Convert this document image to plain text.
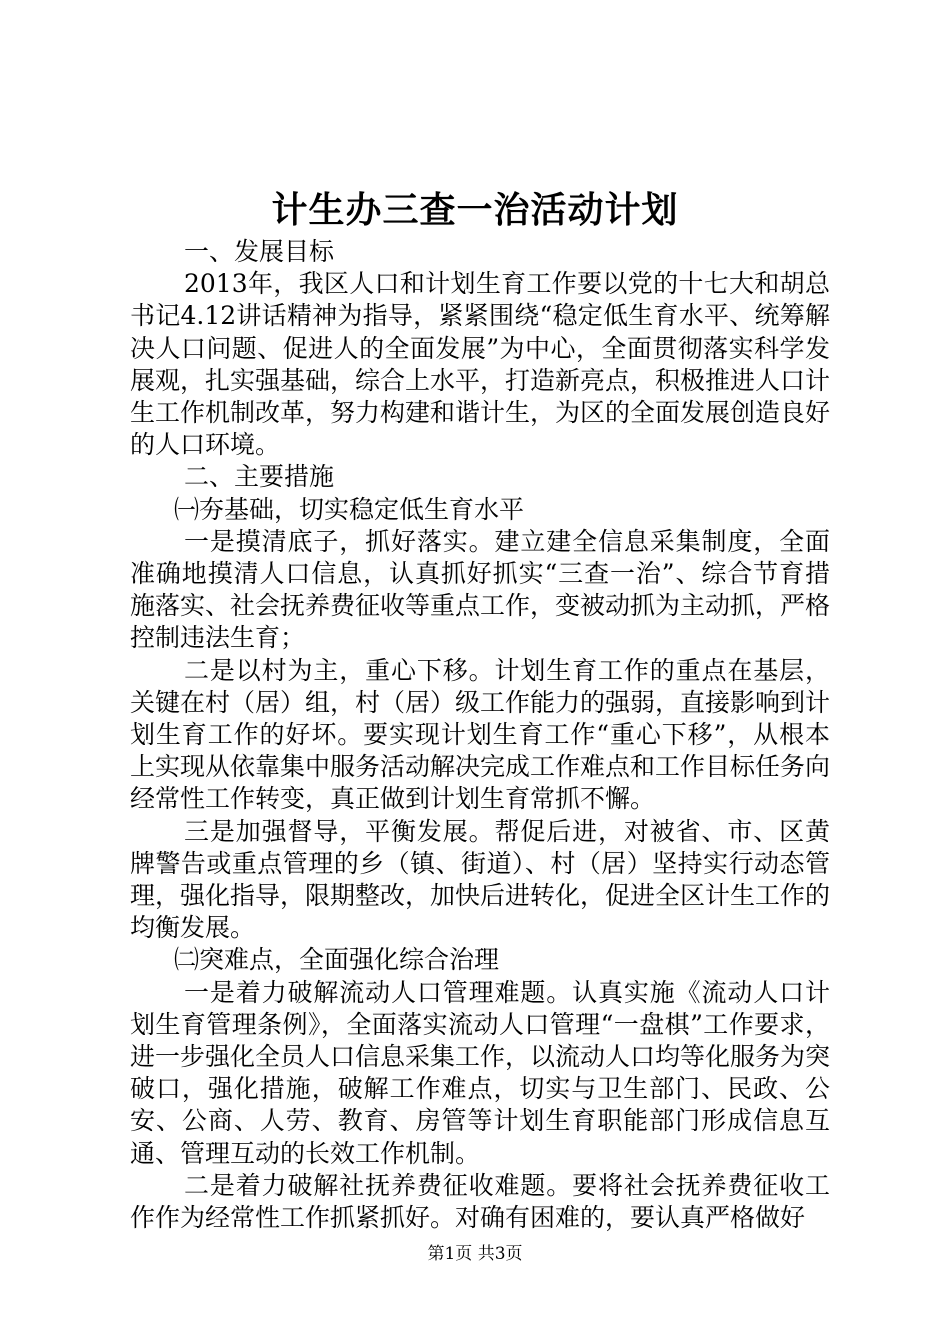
计生办三查一治活动计划

一、发展目标

2013年，我区人口和计划生育工作要以党的十七大和胡总书记4.12讲话精神为指导，紧紧围绕“稳定低生育水平、统筹解决人口问题、促进人的全面发展”为中心，全面贯彻落实科学发展观，扎实强基础，综合上水平，打造新亮点，积极推进人口计生工作机制改革，努力构建和谐计生，为区的全面发展创造良好的人口环境。

二、主要措施

㈠夯基础，切实稳定低生育水平

一是摸清底子，抓好落实。建立建全信息采集制度，全面准确地摸清人口信息，认真抓好抓实“三查一治”、综合节育措施落实、社会抚养费征收等重点工作，变被动抓为主动抓，严格控制违法生育；

二是以村为主，重心下移。计划生育工作的重点在基层，关键在村（居）组，村（居）级工作能力的强弱，直接影响到计划生育工作的好坏。要实现计划生育工作“重心下移”，从根本上实现从依靠集中服务活动解决完成工作难点和工作目标任务向经常性工作转变，真正做到计划生育常抓不懈。

三是加强督导，平衡发展。帮促后进，对被省、市、区黄牌警告或重点管理的乡（镇、街道）、村（居）坚持实行动态管理，强化指导，限期整改，加快后进转化，促进全区计生工作的均衡发展。

㈡突难点，全面强化综合治理

一是着力破解流动人口管理难题。认真实施《流动人口计划生育管理条例》，全面落实流动人口管理“一盘棋”工作要求，进一步强化全员人口信息采集工作，以流动人口均等化服务为突破口，强化措施，破解工作难点，切实与卫生部门、民政、公安、公商、人劳、教育、房管等计划生育职能部门形成信息互通、管理互动的长效工作机制。

二是着力破解社抚养费征收难题。要将社会抚养费征收工作作为经常性工作抓紧抓好。对确有困难的，要认真严格做好

第1页 共3页
